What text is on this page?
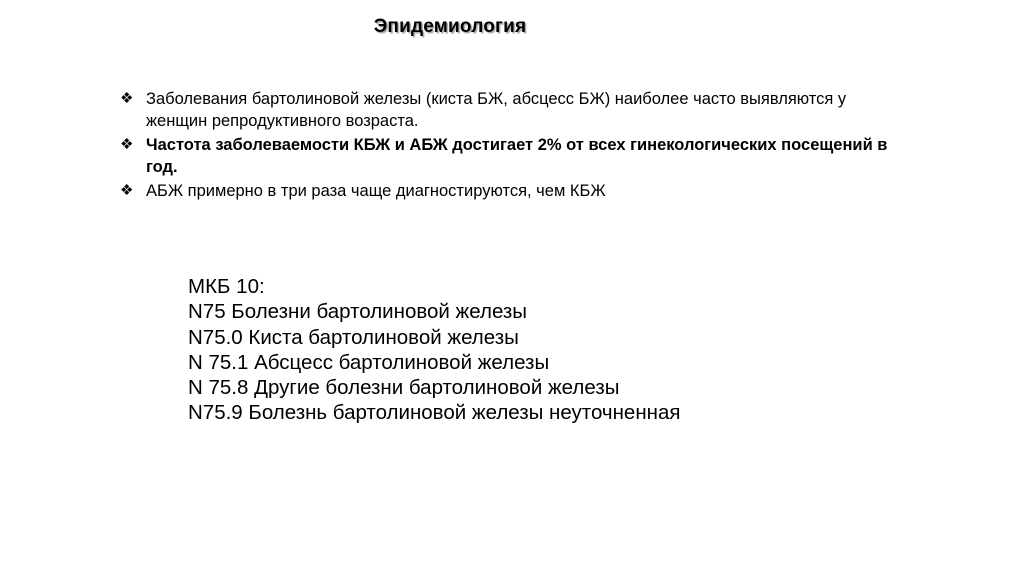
Эпидемиология
❖ Заболевания бартолиновой железы (киста БЖ, абсцесс БЖ) наиболее часто выявляются у женщин репродуктивного возраста.
❖ Частота заболеваемости КБЖ и АБЖ достигает 2% от всех гинекологических посещений в год.
❖ АБЖ примерно в три раза чаще диагностируются, чем КБЖ
МКБ 10:
N75 Болезни бартолиновой железы
N75.0 Киста бартолиновой железы
N 75.1 Абсцесс бартолиновой железы
N 75.8 Другие болезни бартолиновой железы
N75.9 Болезнь бартолиновой железы неуточненная
